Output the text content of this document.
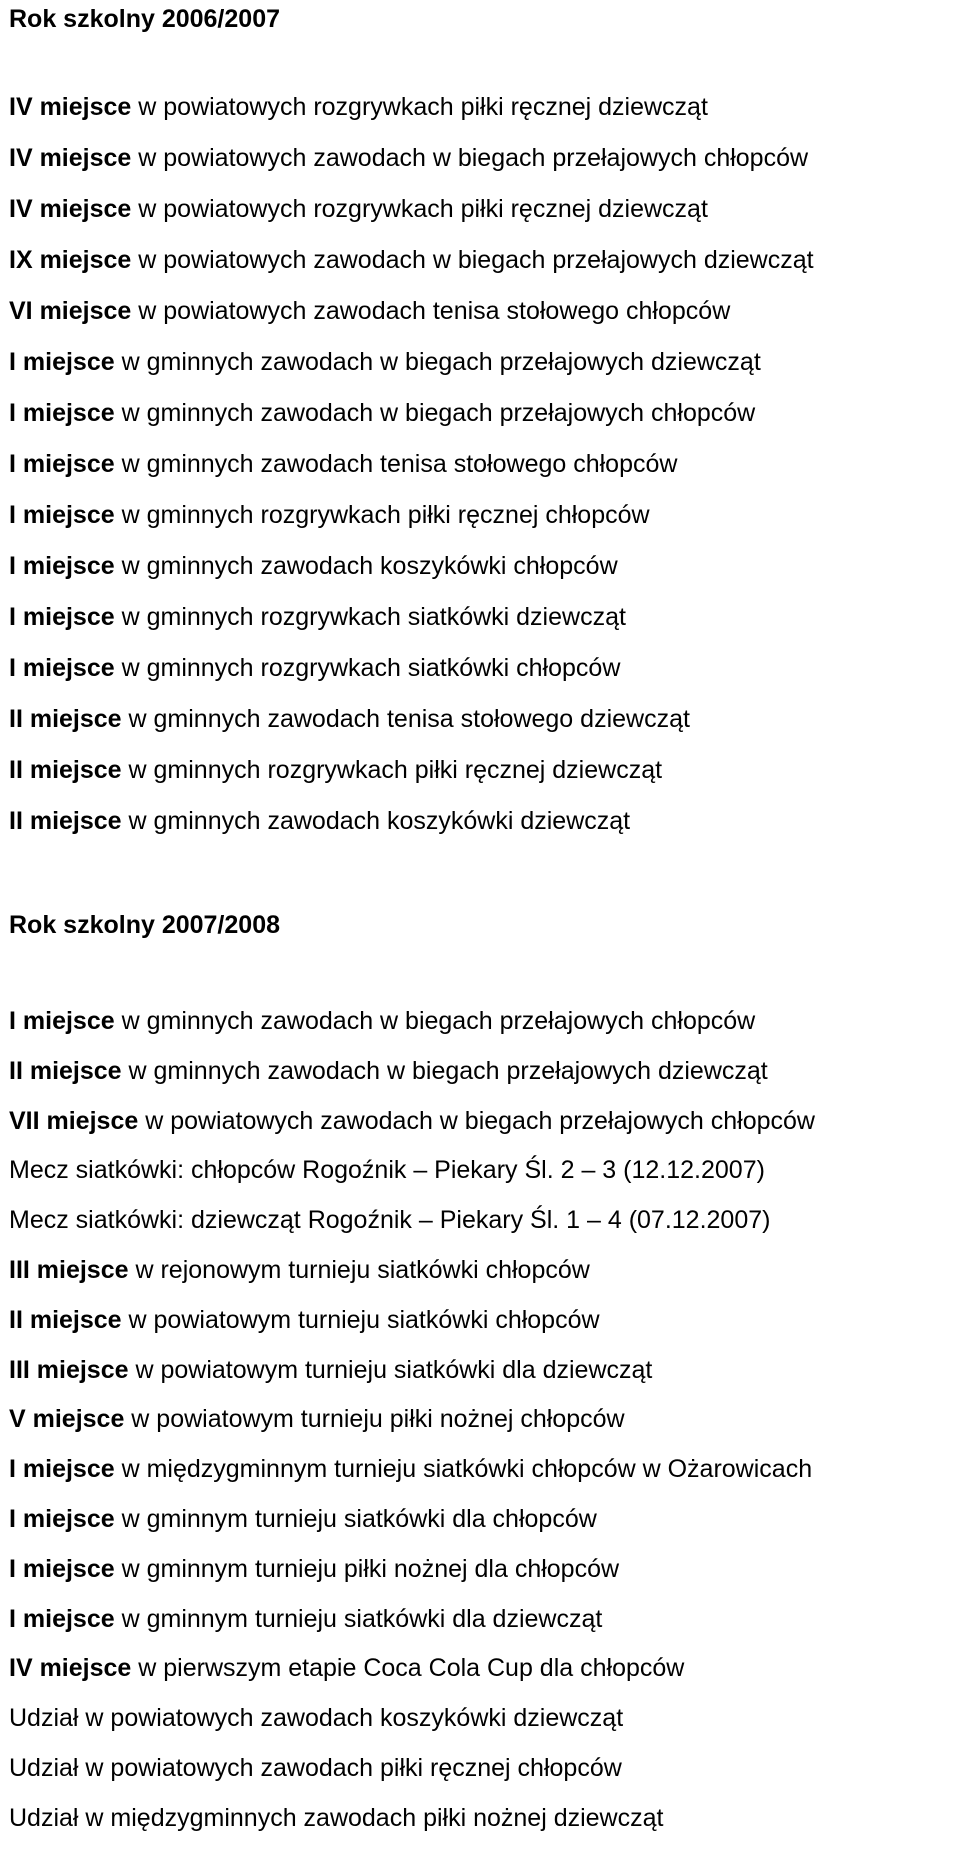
Rok szkolny 2006/2007
IV miejsce w powiatowych rozgrywkach piłki ręcznej dziewcząt
IV miejsce w powiatowych zawodach w biegach przełajowych chłopców
IV miejsce w powiatowych rozgrywkach piłki ręcznej dziewcząt
IX miejsce w powiatowych zawodach w biegach przełajowych dziewcząt
VI miejsce w powiatowych zawodach tenisa stołowego chłopców
I miejsce w gminnych zawodach w biegach przełajowych dziewcząt
I miejsce w gminnych zawodach w biegach przełajowych chłopców
I miejsce w gminnych zawodach tenisa stołowego chłopców
I miejsce w gminnych rozgrywkach piłki ręcznej chłopców
I miejsce w gminnych zawodach koszykówki chłopców
I miejsce w gminnych rozgrywkach siatkówki dziewcząt
I miejsce w gminnych rozgrywkach siatkówki chłopców
II miejsce w gminnych zawodach tenisa stołowego dziewcząt
II miejsce w gminnych rozgrywkach piłki ręcznej dziewcząt
II miejsce w gminnych zawodach koszykówki dziewcząt
Rok szkolny 2007/2008
I miejsce w gminnych zawodach w biegach przełajowych chłopców
II miejsce w gminnych zawodach w biegach przełajowych dziewcząt
VII miejsce w powiatowych zawodach w biegach przełajowych chłopców
Mecz siatkówki: chłopców Rogoźnik – Piekary Śl. 2 – 3 (12.12.2007)
Mecz siatkówki: dziewcząt Rogoźnik – Piekary Śl. 1 – 4 (07.12.2007)
III miejsce w rejonowym turnieju siatkówki chłopców
II miejsce w powiatowym turnieju siatkówki chłopców
III miejsce w powiatowym turnieju siatkówki dla dziewcząt
V miejsce w powiatowym turnieju piłki nożnej chłopców
I miejsce w międzygminnym turnieju siatkówki chłopców w Ożarowicach
I miejsce w gminnym turnieju siatkówki dla chłopców
I miejsce w gminnym turnieju piłki nożnej dla chłopców
I miejsce w gminnym turnieju siatkówki dla dziewcząt
IV miejsce w pierwszym etapie Coca Cola Cup dla chłopców
Udział w powiatowych zawodach koszykówki dziewcząt
Udział w powiatowych zawodach piłki ręcznej chłopców
Udział w międzygminnych zawodach piłki nożnej dziewcząt
